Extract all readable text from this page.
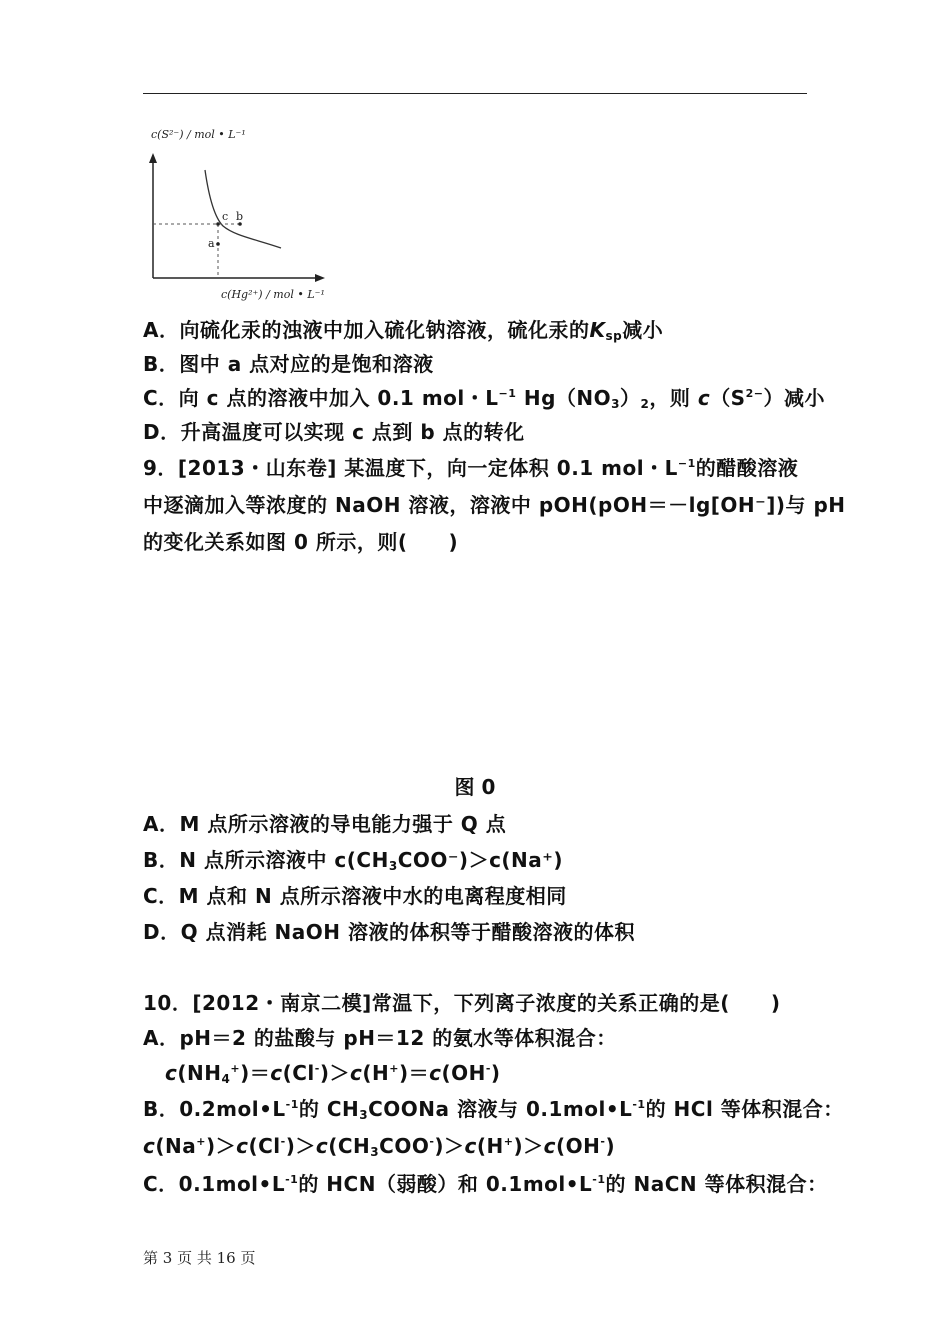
c(S²⁻) / mol • L⁻¹
c b
a
c(Hg²⁺) / mol • L⁻¹
A．向硫化汞的浊液中加入硫化钠溶液，硫化汞的$K_{sp}$减小
B．图中 a 点对应的是饱和溶液
C．向 c 点的溶液中加入 0.1 mol・$L^{-1}$ $Hg(NO_3)_2$，则 $c(S^{2-})$减小
D．升高温度可以实现 c 点到 b 点的转化
9．[2013・山东卷] 某温度下，向一定体积 0.1 mol・$L^{-1}$的醋酸溶液
中逐滴加入等浓度的 NaOH 溶液，溶液中 pOH(pOH＝－lg[OH⁻])与 pH
的变化关系如图 0 所示，则(　　)
图 0
A．M 点所示溶液的导电能力强于 Q 点
B．N 点所示溶液中 $c(CH_3COO^-)>c(Na^+)$
C．M 点和 N 点所示溶液中水的电离程度相同
D．Q 点消耗 NaOH 溶液的体积等于醋酸溶液的体积
10．[2012・南京二模]常温下，下列离子浓度的关系正确的是(　　)
A．pH＝2 的盐酸与 pH＝12 的氨水等体积混合：
$c(NH_4^+)=c(Cl^-)>c(H^+)=c(OH^-)$
B．$0.2mol•L^{-1}$的 $CH_3COONa$ 溶液与 $0.1mol•L^{-1}$的 HCl 等体积混合：
$c(Na^+)>c(Cl^-)>c(CH_3COO^-)>c(H^+)>c(OH^-)$
C．$0.1mol•L^{-1}$的 HCN（弱酸）和 $0.1mol•L^{-1}$的 NaCN 等体积混合：
第 3 页 共 16 页
